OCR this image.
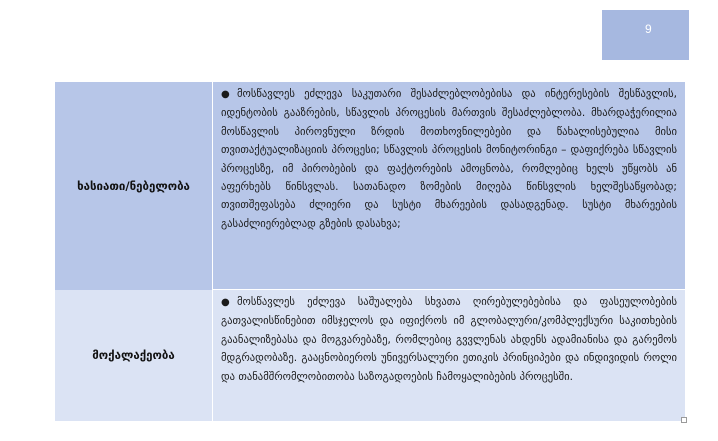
9
ხასიათი/ნებელობა	● მოსწავლეს ეძლევა საკუთარი შესაძლებლობებისა და ინტერესების შესწავლის, იდენტობის გააზრების, სწავლის პროცესის მართვის შესაძლებლობა. მხარდაჭერილია მოსწავლის პიროვნული ზრდის მოთხოვნილებები და წახალისებულია მისი თვითაქტუალიზაციის პროცესი; სწავლის პროცესის მონიტორინგი – დაფიქრება სწავლის პროცესზე, იმ პირობების და ფაქტორების ამოცნობა, რომლებიც ხელს უწყობს ან აფერხებს წინსვლას. სათანადო ზომების მიღება წინსვლის ხელშესაწყობად; თვითშეფასება ძლიერი და სუსტი მხარეების დასადგენად. სუსტი მხარეების გასაძლიერებლად გზების დასახვა;

მოქალაქეობა	● მოსწავლეს ეძლევა საშუალება სხვათა ღირებულებებისა და ფასეულობების გათვალისწინებით იმსჯელოს და იფიქროს იმ გლობალური/კომპლექსური საკითხების გაანალიზებასა და მოგვარებაზე, რომლებიც გვვლენას ახდენს ადამიანისა და გარემოს მდგრადობაზე. გააცნობიეროს უნივერსალური ეთიკის პრინციპები და ინდივიდის როლი და თანამშრომლობითობა საზოგადოების ჩამოყალიბების პროცესში.
